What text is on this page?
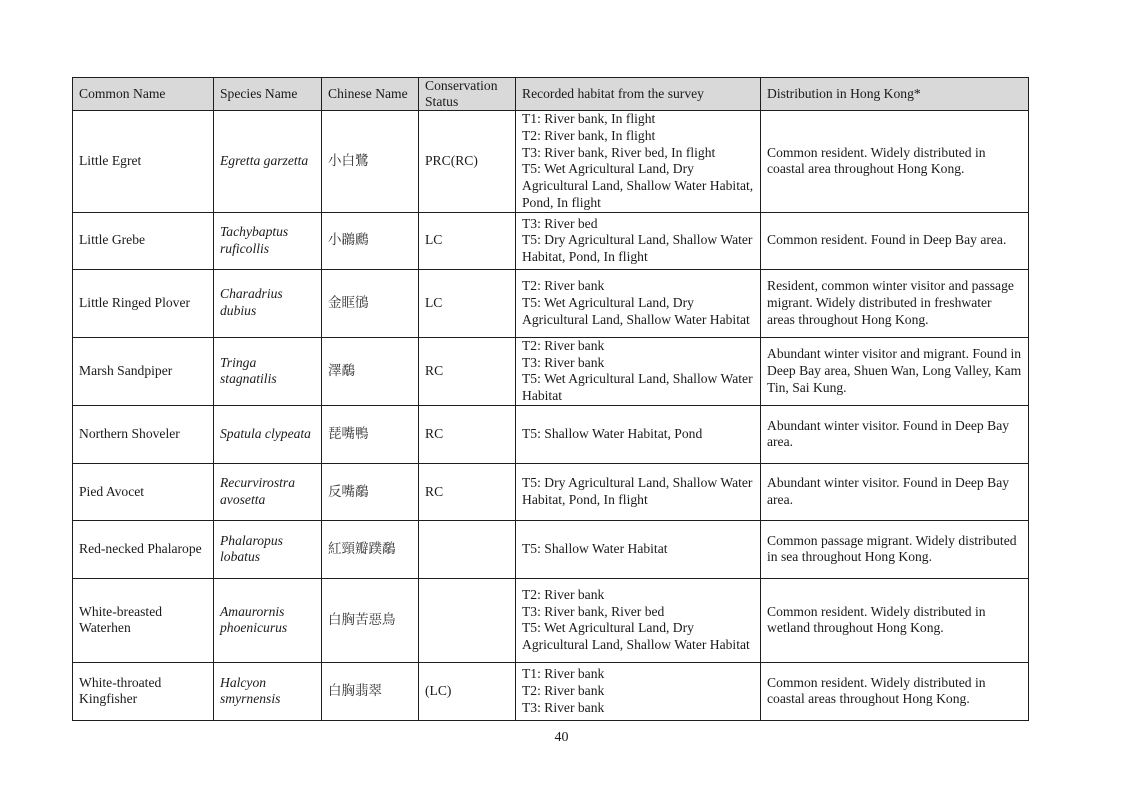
Common Name	Species Name	Chinese Name	Conservation Status	Recorded habitat from the survey	Distribution in Hong Kong*
Little Egret	Egretta garzetta	小白鷺	PRC(RC)	T1: River bank, In flight
T2: River bank, In flight
T3: River bank, River bed, In flight
T5: Wet Agricultural Land, Dry Agricultural Land, Shallow Water Habitat, Pond, In flight	Common resident. Widely distributed in coastal area throughout Hong Kong.
Little Grebe	Tachybaptus ruficollis	小鸊鷉	LC	T3: River bed
T5: Dry Agricultural Land, Shallow Water Habitat, Pond, In flight	Common resident. Found in Deep Bay area.
Little Ringed Plover	Charadrius dubius	金眶鴴	LC	T2: River bank
T5: Wet Agricultural Land, Dry Agricultural Land, Shallow Water Habitat	Resident, common winter visitor and passage migrant. Widely distributed in freshwater areas throughout Hong Kong.
Marsh Sandpiper	Tringa stagnatilis	澤鷸	RC	T2: River bank
T3: River bank
T5: Wet Agricultural Land, Shallow Water Habitat	Abundant winter visitor and migrant. Found in Deep Bay area, Shuen Wan, Long Valley, Kam Tin, Sai Kung.
Northern Shoveler	Spatula clypeata	琵嘴鴨	RC	T5: Shallow Water Habitat, Pond	Abundant winter visitor. Found in Deep Bay area.
Pied Avocet	Recurvirostra avosetta	反嘴鷸	RC	T5: Dry Agricultural Land, Shallow Water Habitat, Pond, In flight	Abundant winter visitor. Found in Deep Bay area.
Red-necked Phalarope	Phalaropus lobatus	紅頸瓣蹼鷸		T5: Shallow Water Habitat	Common passage migrant. Widely distributed in sea throughout Hong Kong.
White-breasted Waterhen	Amaurornis phoenicurus	白胸苦惡鳥		T2: River bank
T3: River bank, River bed
T5: Wet Agricultural Land, Dry Agricultural Land, Shallow Water Habitat	Common resident. Widely distributed in wetland throughout Hong Kong.
White-throated Kingfisher	Halcyon smyrnensis	白胸翡翠	(LC)	T1: River bank
T2: River bank
T3: River bank	Common resident. Widely distributed in coastal areas throughout Hong Kong.
40
